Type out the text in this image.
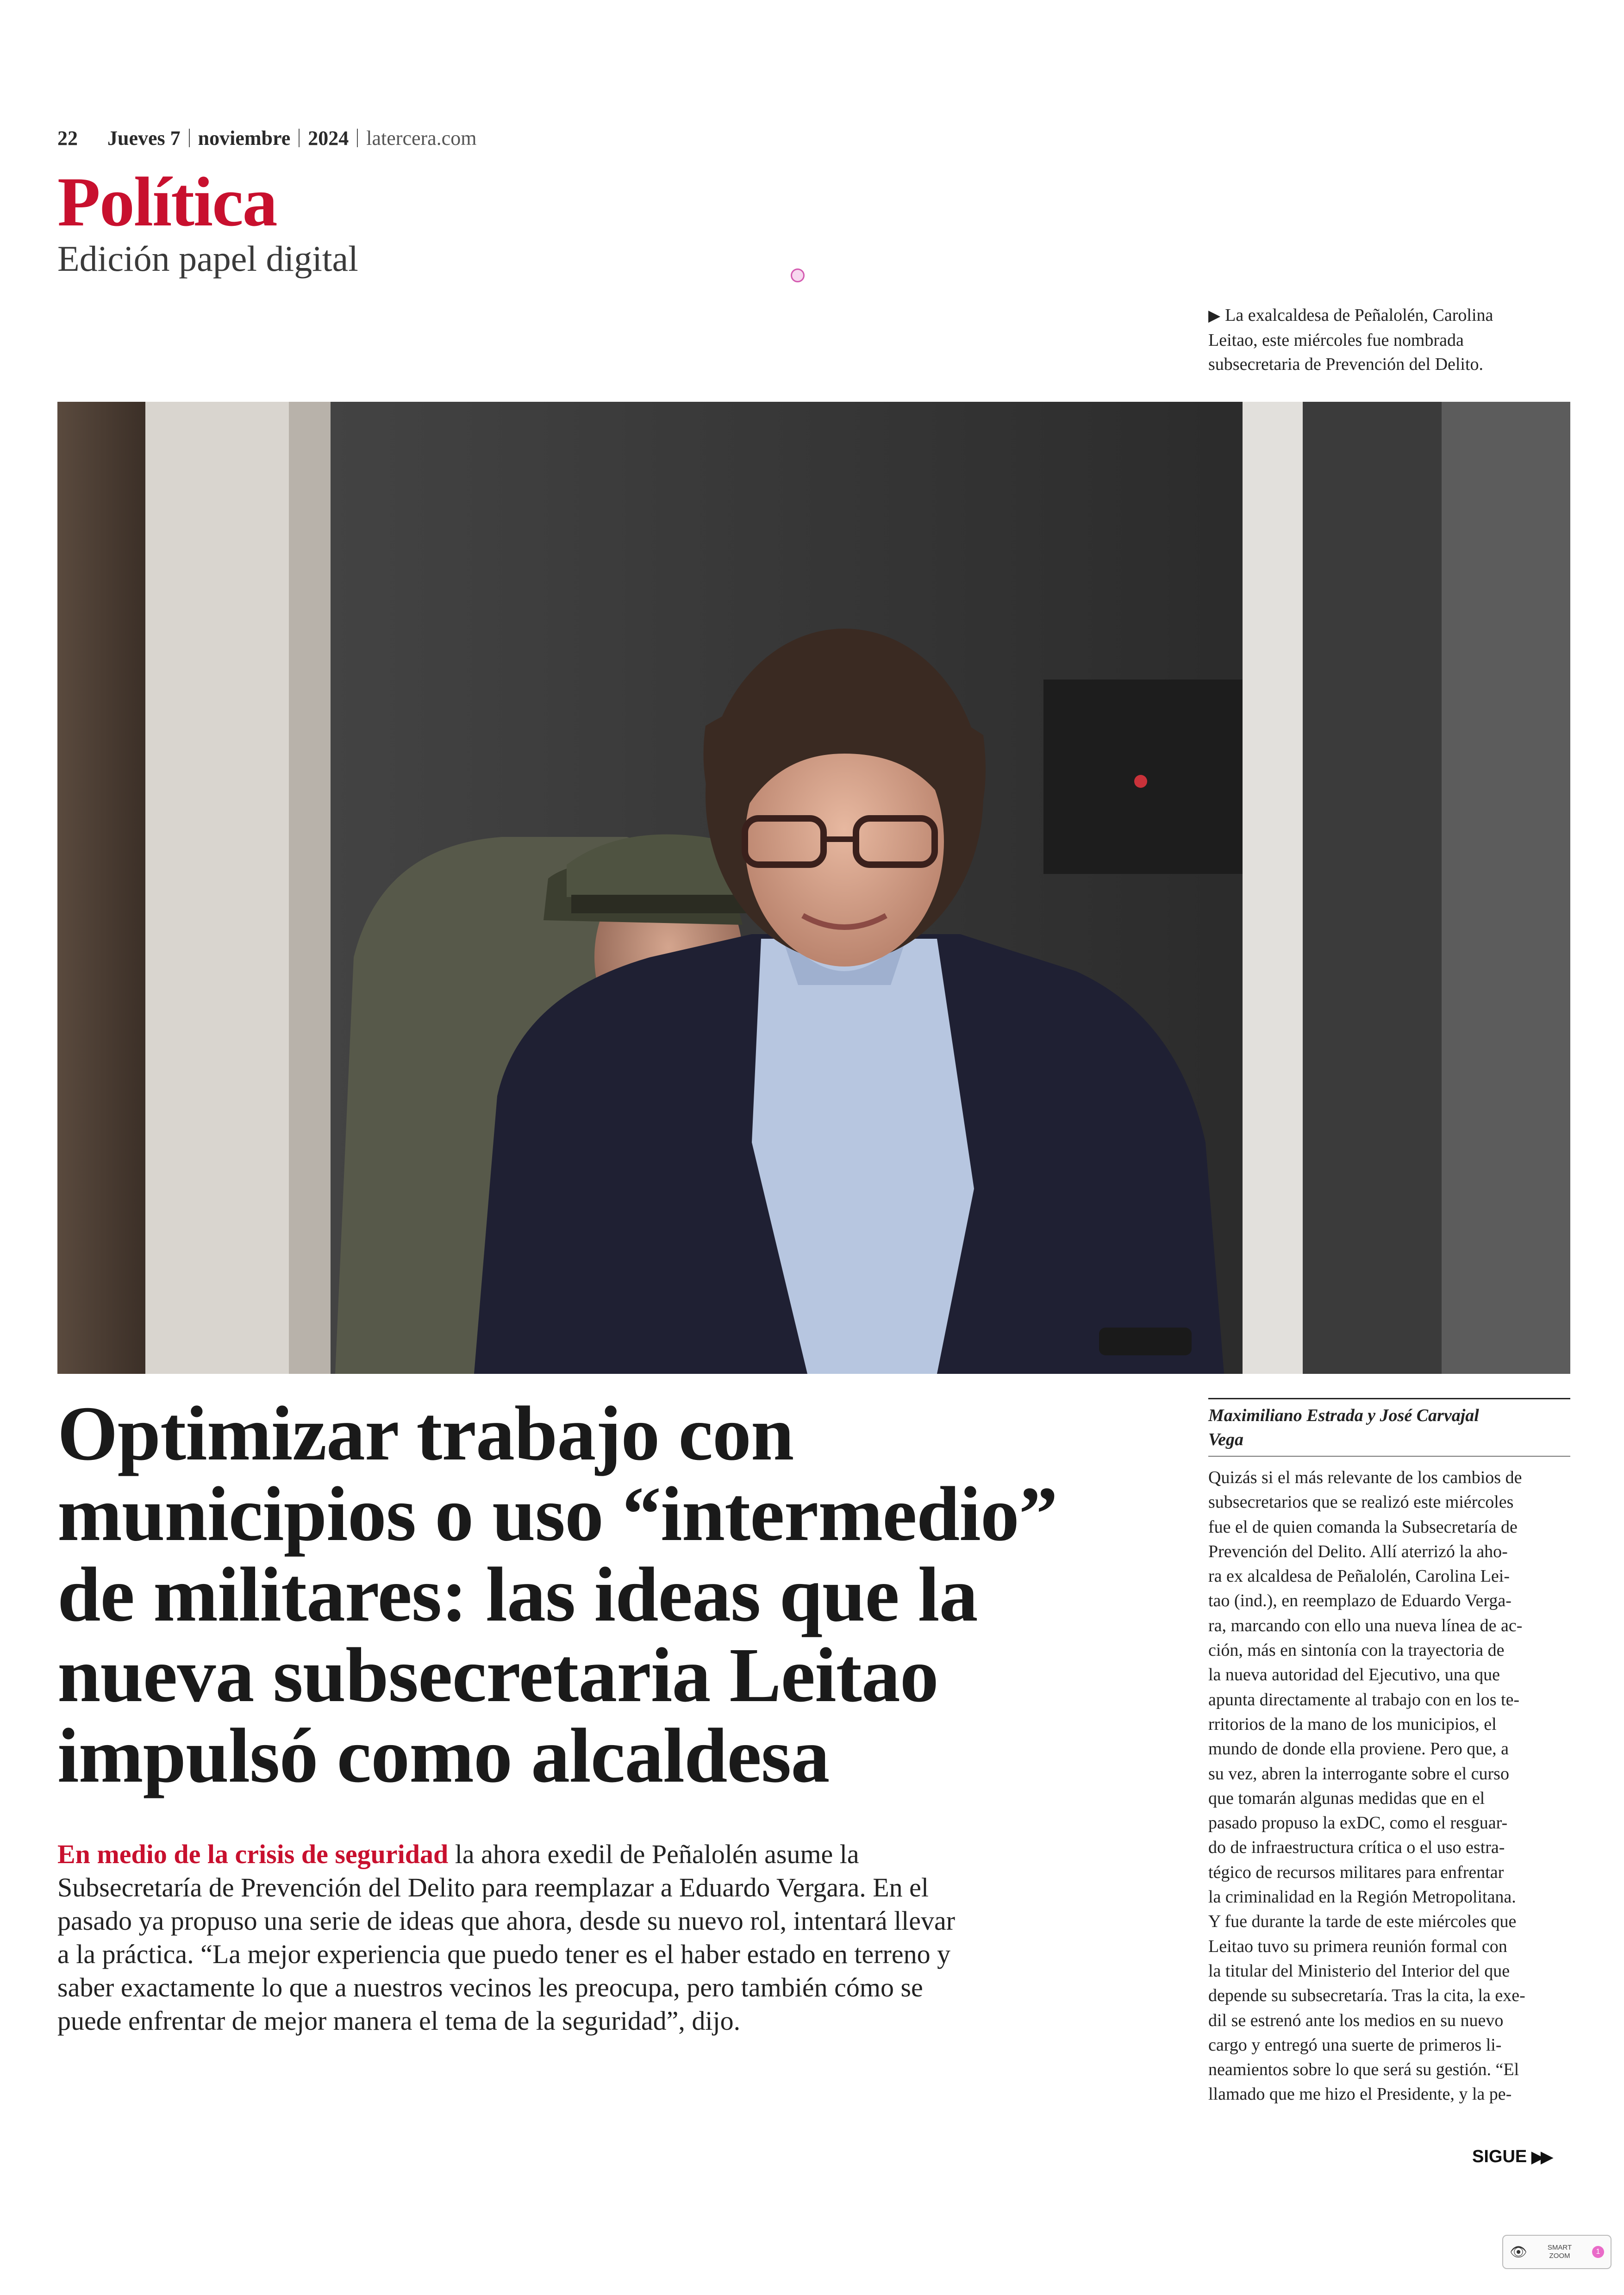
22 Jueves 7 noviembre 2024 latercera.com
Política
Edición papel digital
▶ La exalcaldesa de Peñalolén, Carolina
Leitao, este miércoles fue nombrada
subsecretaria de Prevención del Delito.
Optimizar trabajo con
municipios o uso “intermedio”
de militares: las ideas que la
nueva subsecretaria Leitao
impulsó como alcaldesa
En medio de la crisis de seguridad la ahora exedil de Peñalolén asume la
Subsecretaría de Prevención del Delito para reemplazar a Eduardo Vergara. En el
pasado ya propuso una serie de ideas que ahora, desde su nuevo rol, intentará llevar
a la práctica. “La mejor experiencia que puedo tener es el haber estado en terreno y
saber exactamente lo que a nuestros vecinos les preocupa, pero también cómo se
puede enfrentar de mejor manera el tema de la seguridad”, dijo.
Maximiliano Estrada y José Carvajal
Vega
Quizás si el más relevante de los cambios de
subsecretarios que se realizó este miércoles
fue el de quien comanda la Subsecretaría de
Prevención del Delito. Allí aterrizó la aho-
ra ex alcaldesa de Peñalolén, Carolina Lei-
tao (ind.), en reemplazo de Eduardo Verga-
ra, marcando con ello una nueva línea de ac-
ción, más en sintonía con la trayectoria de
la nueva autoridad del Ejecutivo, una que
apunta directamente al trabajo con en los te-
rritorios de la mano de los municipios, el
mundo de donde ella proviene. Pero que, a
su vez, abren la interrogante sobre el curso
que tomarán algunas medidas que en el
pasado propuso la exDC, como el resguar-
do de infraestructura crítica o el uso estra-
tégico de recursos militares para enfrentar
la criminalidad en la Región Metropolitana.
Y fue durante la tarde de este miércoles que
Leitao tuvo su primera reunión formal con
la titular del Ministerio del Interior del que
depende su subsecretaría. Tras la cita, la exe-
dil se estrenó ante los medios en su nuevo
cargo y entregó una suerte de primeros li-
neamientos sobre lo que será su gestión. “El
llamado que me hizo el Presidente, y la pe-
SIGUE ▶▶
👁	SMART
ZOOM
1
